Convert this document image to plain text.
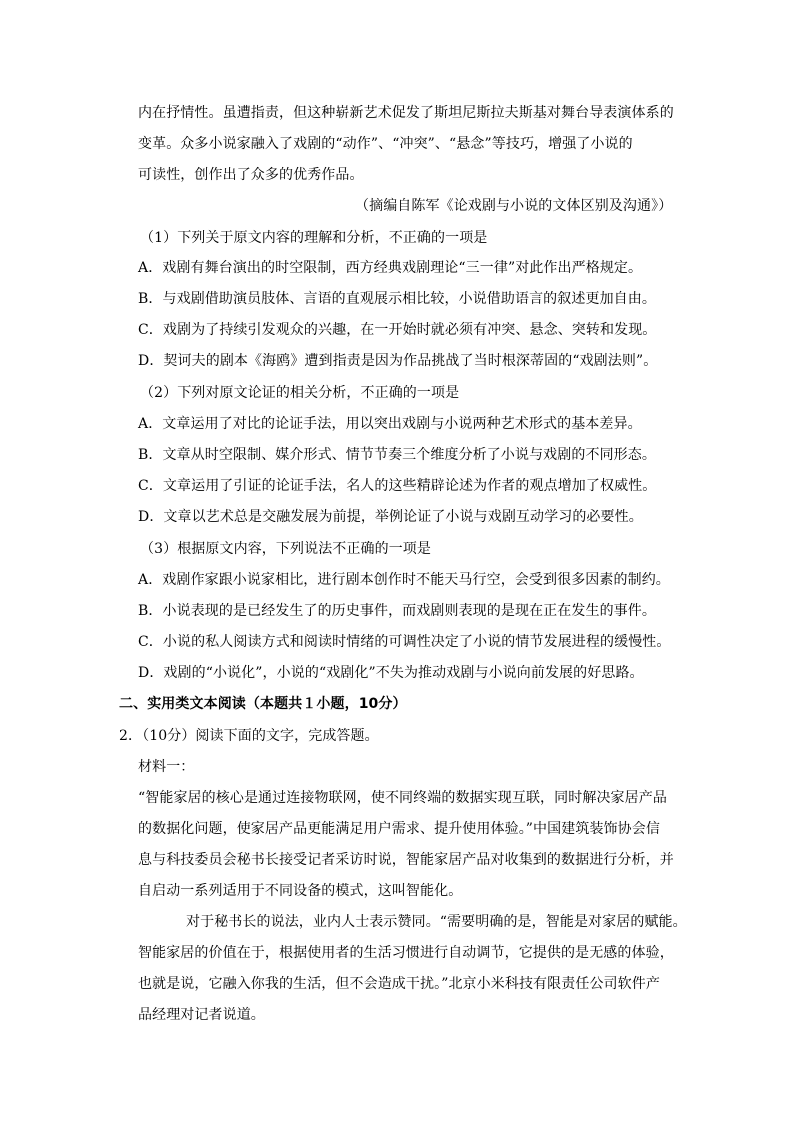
内在抒情性。虽遭指责，但这种崭新艺术促发了斯坦尼斯拉夫斯基对舞台导表演体系的
变革。众多小说家融入了戏剧的“动作”、“冲突”、“悬念”等技巧，增强了小说的
可读性，创作出了众多的优秀作品。
（摘编自陈军《论戏剧与小说的文体区别及沟通》）
（1）下列关于原文内容的理解和分析，不正确的一项是
A．戏剧有舞台演出的时空限制，西方经典戏剧理论“三一律”对此作出严格规定。
B．与戏剧借助演员肢体、言语的直观展示相比较，小说借助语言的叙述更加自由。
C．戏剧为了持续引发观众的兴趣，在一开始时就必须有冲突、悬念、突转和发现。
D．契诃夫的剧本《海鸥》遭到指责是因为作品挑战了当时根深蒂固的“戏剧法则”。
（2）下列对原文论证的相关分析，不正确的一项是
A．文章运用了对比的论证手法，用以突出戏剧与小说两种艺术形式的基本差异。
B．文章从时空限制、媒介形式、情节节奏三个维度分析了小说与戏剧的不同形态。
C．文章运用了引证的论证手法，名人的这些精辟论述为作者的观点增加了权威性。
D．文章以艺术总是交融发展为前提，举例论证了小说与戏剧互动学习的必要性。
（3）根据原文内容，下列说法不正确的一项是
A．戏剧作家跟小说家相比，进行剧本创作时不能天马行空，会受到很多因素的制约。
B．小说表现的是已经发生了的历史事件，而戏剧则表现的是现在正在发生的事件。
C．小说的私人阅读方式和阅读时情绪的可调性决定了小说的情节发展进程的缓慢性。
D．戏剧的“小说化”，小说的“戏剧化”不失为推动戏剧与小说向前发展的好思路。
二、实用类文本阅读（本题共１小题，10分）
2．（10分）阅读下面的文字，完成答题。
材料一：
“智能家居的核心是通过连接物联网，使不同终端的数据实现互联，同时解决家居产品
的数据化问题，使家居产品更能满足用户需求、提升使用体验。”中国建筑装饰协会信
息与科技委员会秘书长接受记者采访时说，智能家居产品对收集到的数据进行分析，并
自启动一系列适用于不同设备的模式，这叫智能化。
对于秘书长的说法，业内人士表示赞同。“需要明确的是，智能是对家居的赋能。
智能家居的价值在于，根据使用者的生活习惯进行自动调节，它提供的是无感的体验，
也就是说，它融入你我的生活，但不会造成干扰。”北京小米科技有限责任公司软件产
品经理对记者说道。
